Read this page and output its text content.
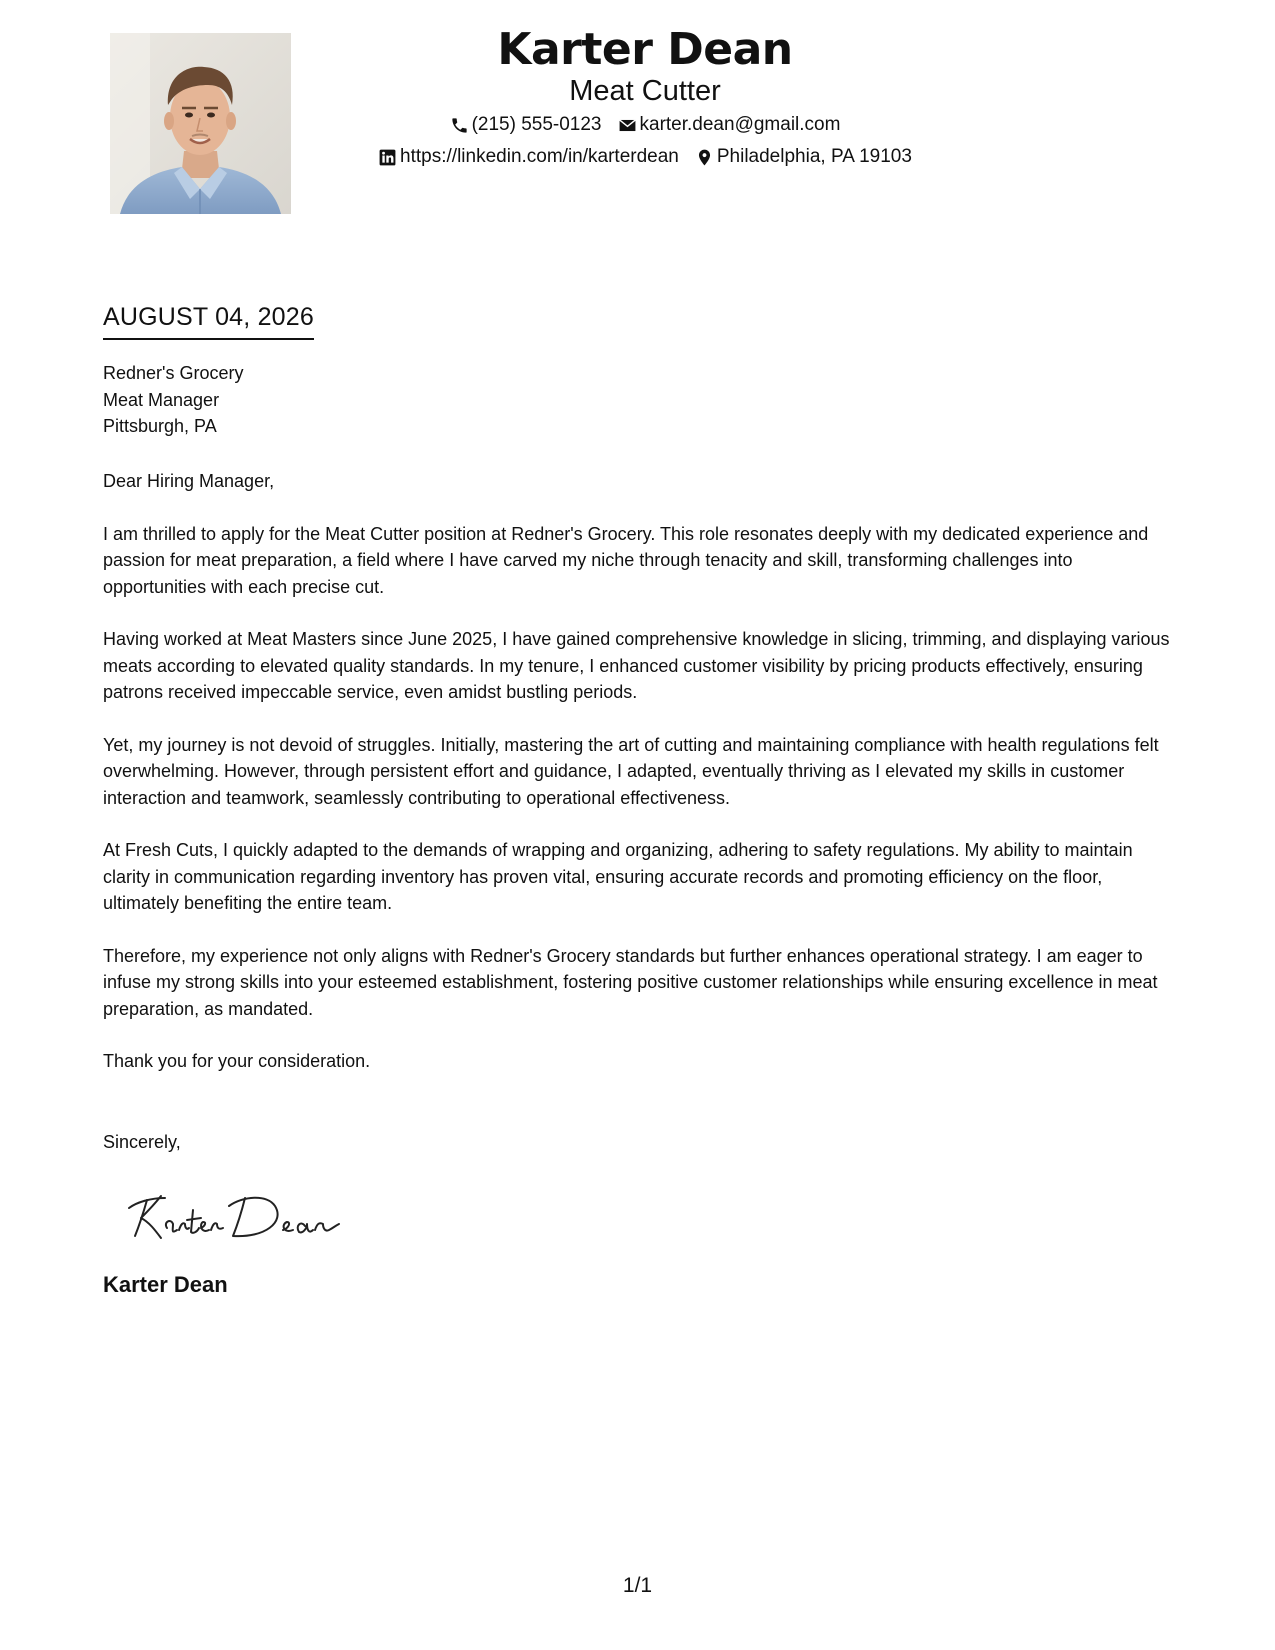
Karter Dean
Meat Cutter
(215) 555-0123 karter.dean@gmail.com
https://linkedin.com/in/karterdean Philadelphia, PA 19103
AUGUST 04, 2026
Redner's Grocery
Meat Manager
Pittsburgh, PA

Dear Hiring Manager,

I am thrilled to apply for the Meat Cutter position at Redner's Grocery. This role resonates deeply with my dedicated experience and passion for meat preparation, a field where I have carved my niche through tenacity and skill, transforming challenges into opportunities with each precise cut.

Having worked at Meat Masters since June 2025, I have gained comprehensive knowledge in slicing, trimming, and displaying various meats according to elevated quality standards. In my tenure, I enhanced customer visibility by pricing products effectively, ensuring patrons received impeccable service, even amidst bustling periods.

Yet, my journey is not devoid of struggles. Initially, mastering the art of cutting and maintaining compliance with health regulations felt overwhelming. However, through persistent effort and guidance, I adapted, eventually thriving as I elevated my skills in customer interaction and teamwork, seamlessly contributing to operational effectiveness.

At Fresh Cuts, I quickly adapted to the demands of wrapping and organizing, adhering to safety regulations. My ability to maintain clarity in communication regarding inventory has proven vital, ensuring accurate records and promoting efficiency on the floor, ultimately benefiting the entire team.

Therefore, my experience not only aligns with Redner's Grocery standards but further enhances operational strategy. I am eager to infuse my strong skills into your esteemed establishment, fostering positive customer relationships while ensuring excellence in meat preparation, as mandated.

Thank you for your consideration.

Sincerely,
Karter Dean
1/1
